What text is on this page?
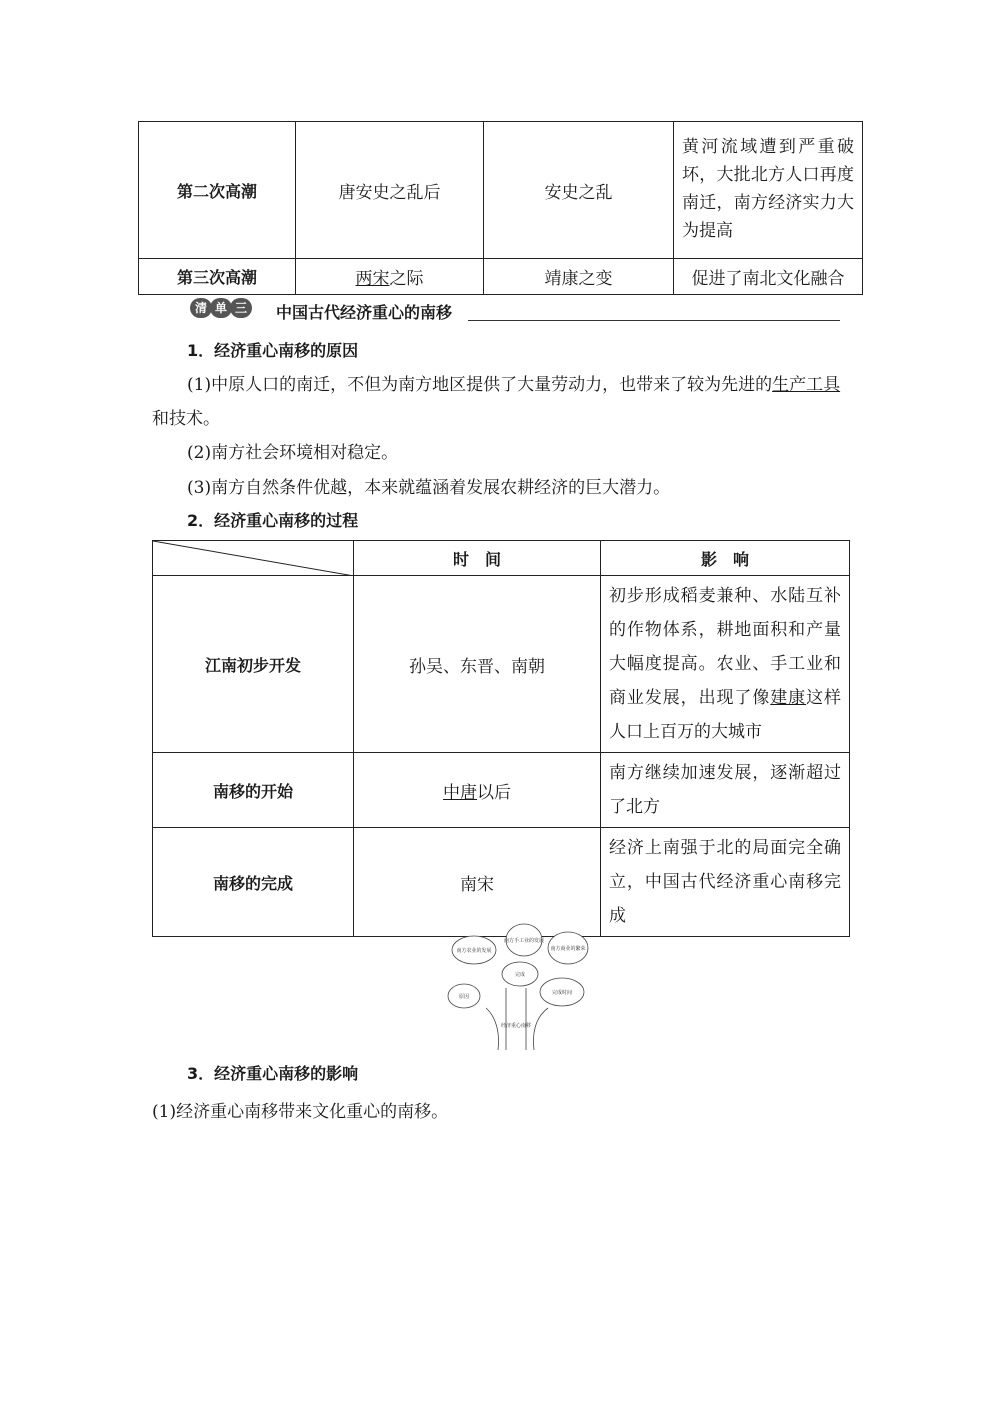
第二次高潮	唐安史之乱后	安史之乱	黄河流域遭到严重破坏，大批北方人口再度南迁，南方经济实力大为提高
第三次高潮	两宋之际	靖康之变	促进了南北文化融合
清 单 三	中国古代经济重心的南移

1．经济重心南移的原因

(1)中原人口的南迁，不但为南方地区提供了大量劳动力，也带来了较为先进的生产工具

和技术。

(2)南方社会环境相对稳定。

(3)南方自然条件优越，本来就蕴涵着发展农耕经济的巨大潜力。

2．经济重心南移的过程

	时　间	影　响
江南初步开发	孙吴、东晋、南朝	初步形成稻麦兼种、水陆互补的作物体系，耕地面积和产量大幅度提高。农业、手工业和商业发展，出现了像建康这样人口上百万的大城市
南移的开始	中唐以后	南方继续加速发展，逐渐超过了北方
南移的完成	南宋	经济上南强于北的局面完全确立，中国古代经济重心南移完成
南方农业的发展
南方手工业的发展
南方商业的繁荣
完成
原因
完成时间
经济重心南移

3．经济重心南移的影响

(1)经济重心南移带来文化重心的南移。
